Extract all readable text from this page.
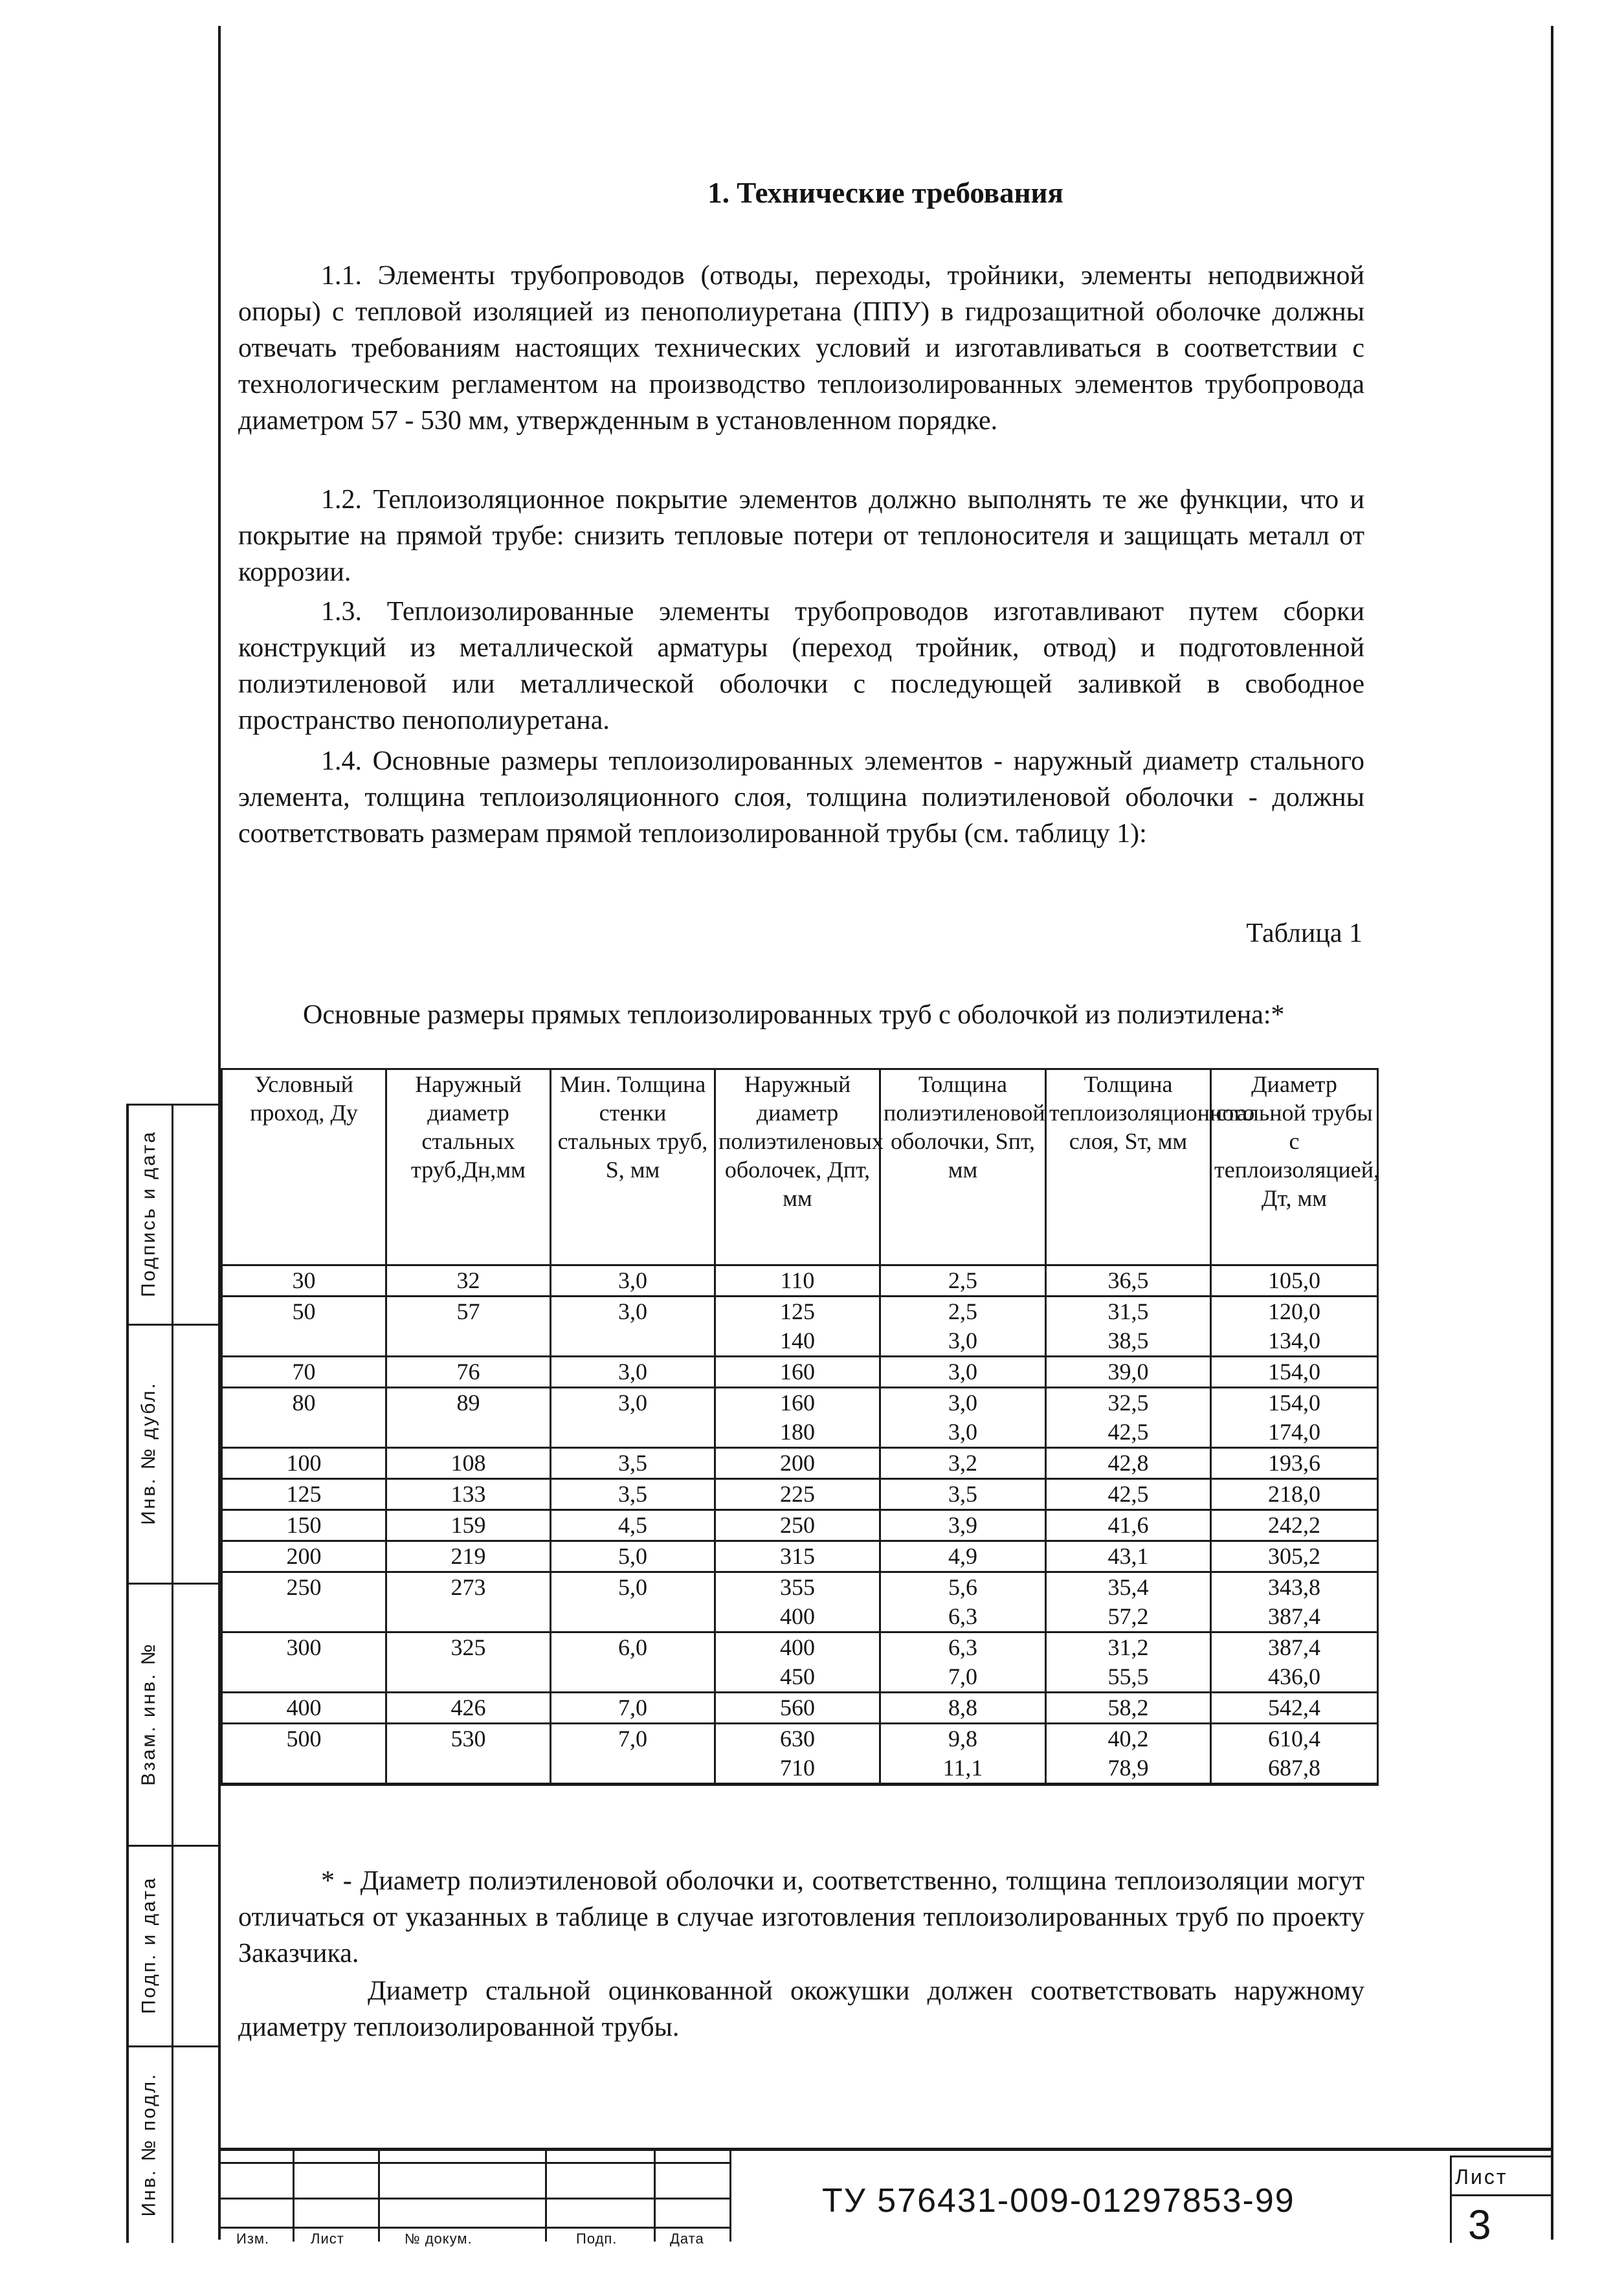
Подпись и дата
Инв. № дубл.
Взам. инв. №
Подп. и дата
Инв. № подл.
1. Технические требования
1.1. Элементы трубопроводов (отводы, переходы, тройники, элементы неподвижной опоры) с тепловой изоляцией из пенополиуретана (ППУ) в гидрозащитной оболочке должны отвечать требованиям настоящих технических условий и изготавливаться в соответствии с технологическим регламентом на производство теплоизолированных элементов трубопровода диаметром 57 - 530 мм, утвержденным в установленном порядке.
1.2. Теплоизоляционное покрытие элементов должно выполнять те же функции, что и покрытие на прямой трубе: снизить тепловые потери от теплоносителя и защищать металл от коррозии.
1.3. Теплоизолированные элементы трубопроводов изготавливают путем сборки конструкций из металлической арматуры (переход тройник, отвод) и подготовленной полиэтиленовой или металлической оболочки с последующей заливкой в свободное пространство пенополиуретана.
1.4. Основные размеры теплоизолированных элементов - наружный диаметр стального элемента, толщина теплоизоляционного слоя, толщина полиэтиленовой оболочки - должны соответствовать размерам прямой теплоизолированной трубы (см. таблицу 1):
Таблица 1
Основные размеры прямых теплоизолированных труб с оболочкой из полиэтилена:*
Условный проход, Ду	Наружный диаметр стальных труб,Дн,мм	Мин. Толщина стенки стальных труб, S, мм	Наружный диаметр полиэтиленовых оболочек, Дпт, мм	Толщина полиэтиленовой оболочки, Sпт, мм	Толщина теплоизоляционного слоя, Sт, мм	Диаметр стальной трубы с теплоизоляцией, Дт, мм
30	32	3,0	110	2,5	36,5	105,0
50	57	3,0	125	2,5	31,5	120,0
			140	3,0	38,5	134,0
70	76	3,0	160	3,0	39,0	154,0
80	89	3,0	160	3,0	32,5	154,0
			180	3,0	42,5	174,0
100	108	3,5	200	3,2	42,8	193,6
125	133	3,5	225	3,5	42,5	218,0
150	159	4,5	250	3,9	41,6	242,2
200	219	5,0	315	4,9	43,1	305,2
250	273	5,0	355	5,6	35,4	343,8
			400	6,3	57,2	387,4
300	325	6,0	400	6,3	31,2	387,4
			450	7,0	55,5	436,0
400	426	7,0	560	8,8	58,2	542,4
500	530	7,0	630	9,8	40,2	610,4
			710	11,1	78,9	687,8
* - Диаметр полиэтиленовой оболочки и, соответственно, толщина теплоизоляции могут отличаться от указанных в таблице в случае изготовления теплоизолированных труб по проекту Заказчика.
Диаметр стальной оцинкованной окожушки должен соответствовать наружному диаметру теплоизолированной трубы.
Изм.	Лист	№ докум.	Подп.	Дата
ТУ 576431-009-01297853-99
Лист
3
